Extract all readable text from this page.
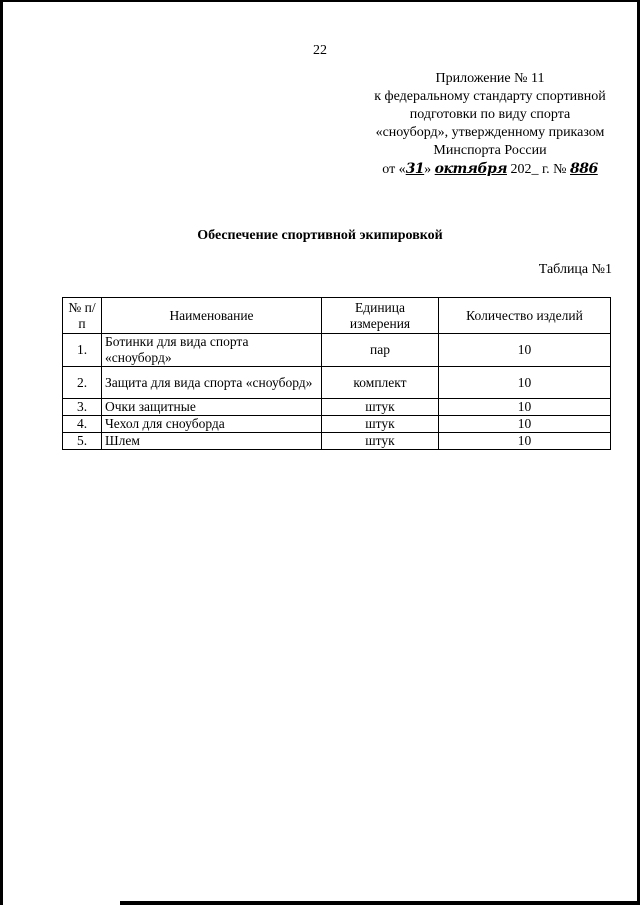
22
Приложение № 11
к федеральному стандарту спортивной
подготовки по виду спорта
«сноуборд», утвержденному приказом
Минспорта России
от «31» октября 202_ г. № 886
Обеспечение спортивной экипировкой
Таблица №1
№ п/п	Наименование	Единица измерения	Количество изделий
1.	Ботинки для вида спорта «сноуборд»	пар	10
2.	Защита для вида спорта «сноуборд»	комплект	10
3.	Очки защитные	штук	10
4.	Чехол для сноуборда	штук	10
5.	Шлем	штук	10
